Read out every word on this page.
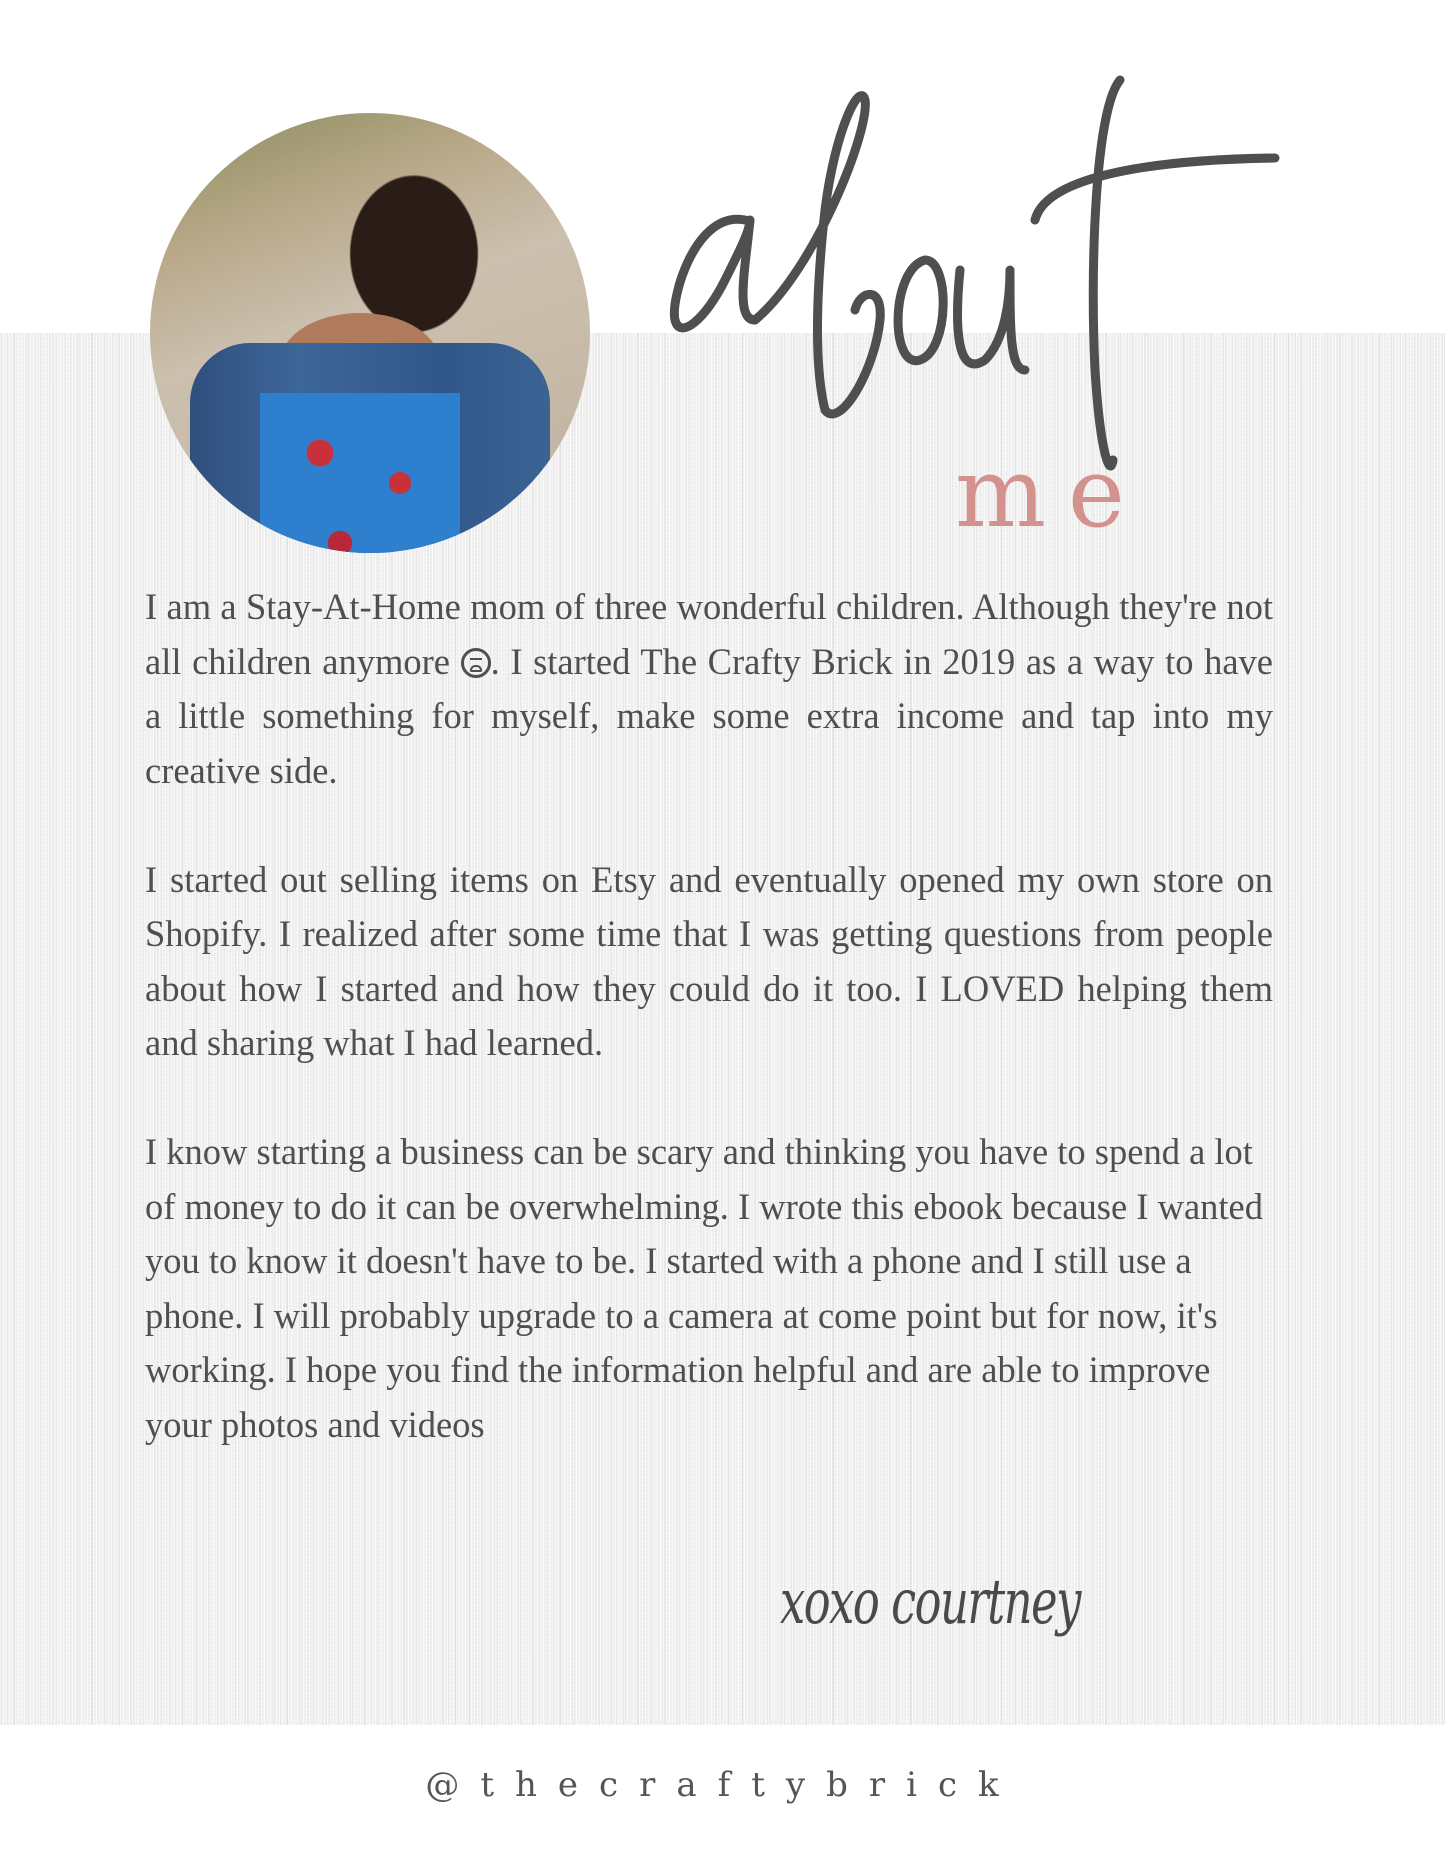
me

I am a Stay-At-Home mom of three wonderful children. Although they're not all children anymore . I started The Crafty Brick in 2019 as a way to have a little something for myself, make some extra income and tap into my creative side.

I started out selling items on Etsy and eventually opened my own store on Shopify. I realized after some time that I was getting questions from people about how I started and how they could do it too. I LOVED helping them and sharing what I had learned.

I know starting a business can be scary and thinking you have to spend a lot of money to do it can be overwhelming. I wrote this ebook because I wanted you to know it doesn't have to be. I started with a phone and I still use a phone. I will probably upgrade to a camera at come point but for now, it's working. I hope you find the information helpful and are able to improve your photos and videos

xoxo courtney
@thecraftybrick
